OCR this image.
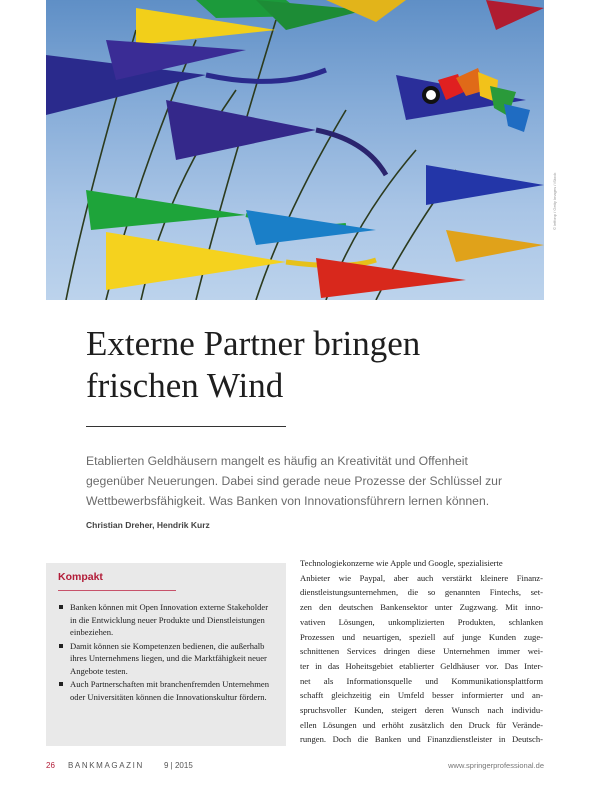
© leffonp / Getty Images / iStock
Externe Partner bringen
frischen Wind

Etablierten Geldhäusern mangelt es häufig an Kreativität und Offenheit gegenüber Neuerungen. Dabei sind gerade neue Prozesse der Schlüssel zur Wettbewerbsfähigkeit. Was Banken von Innovationsführern lernen können.

Christian Dreher, Hendrik Kurz
Kompakt
Banken können mit Open Innovation externe Stakeholder in die Entwicklung neuer Produkte und Dienstleistungen einbeziehen.
Damit können sie Kompetenzen bedienen, die außerhalb ihres Unternehmens liegen, und die Marktfähigkeit neuer Angebote testen.
Auch Partnerschaften mit branchenfremden Unternehmen oder Universitäten können die Innovationskultur fördern.
Technologiekonzerne wie Apple und Google, spezialisierte
Anbieter wie Paypal, aber auch verstärkt kleinere Finanz-
dienstleistungsunternehmen, die so genannten Fintechs, set-
zen den deutschen Bankensektor unter Zugzwang. Mit inno-
vativen Lösungen, unkomplizierten Produkten, schlanken
Prozessen und neuartigen, speziell auf junge Kunden zuge-
schnittenen Services dringen diese Unternehmen immer wei-
ter in das Hoheitsgebiet etablierter Geldhäuser vor. Das Inter-
net als Informationsquelle und Kommunikationsplattform
schafft gleichzeitig ein Umfeld besser informierter und an-
spruchsvoller Kunden, steigert deren Wunsch nach individu-
ellen Lösungen und erhöht zusätzlich den Druck für Verände-
rungen. Doch die Banken und Finanzdienstleister in Deutsch-
26 BANKMAGAZIN	9 | 2015	www.springerprofessional.de
